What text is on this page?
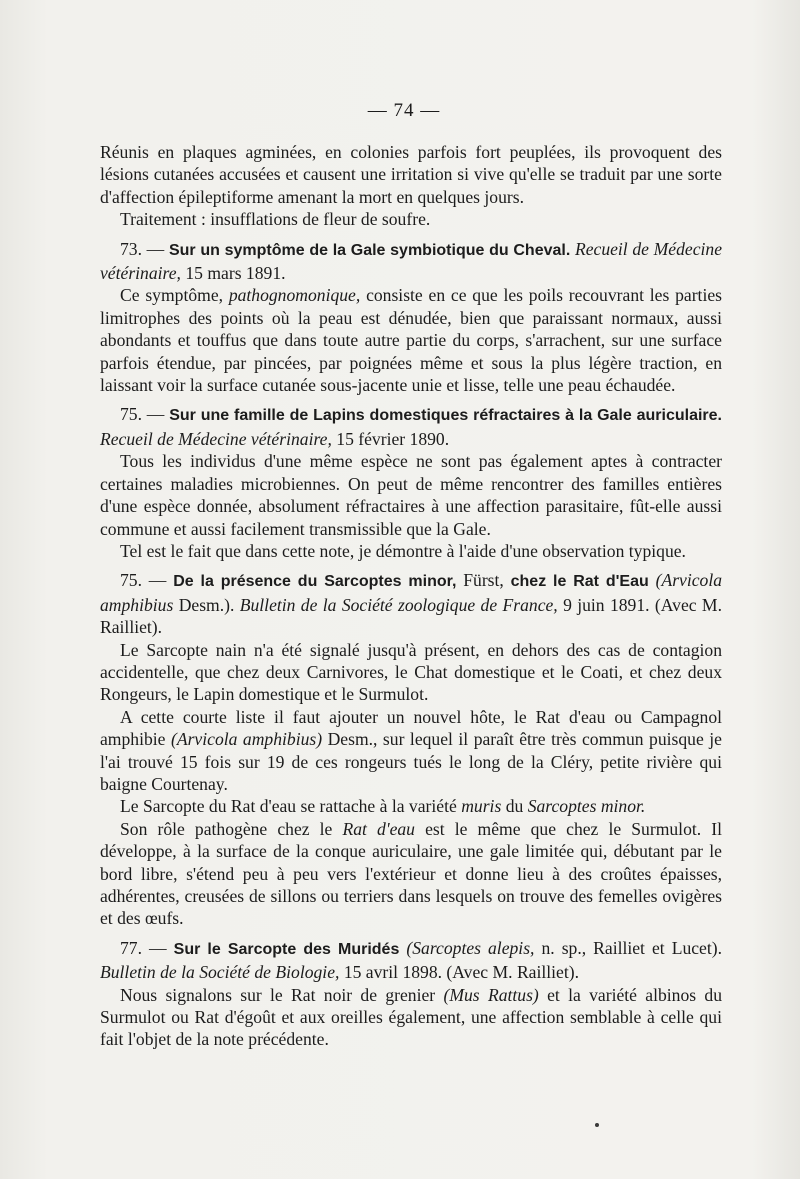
— 74 —

Réunis en plaques agminées, en colonies parfois fort peuplées, ils provoquent des lésions cutanées accusées et causent une irritation si vive qu'elle se traduit par une sorte d'affection épileptiforme amenant la mort en quelques jours.

Traitement : insufflations de fleur de soufre.

73. — Sur un symptôme de la Gale symbiotique du Cheval. Recueil de Médecine vétérinaire, 15 mars 1891.

Ce symptôme, pathognomonique, consiste en ce que les poils recouvrant les parties limitrophes des points où la peau est dénudée, bien que paraissant normaux, aussi abondants et touffus que dans toute autre partie du corps, s'arrachent, sur une surface parfois étendue, par pincées, par poignées même et sous la plus légère traction, en laissant voir la surface cutanée sous-jacente unie et lisse, telle une peau échaudée.

75. — Sur une famille de Lapins domestiques réfractaires à la Gale auriculaire. Recueil de Médecine vétérinaire, 15 février 1890.

Tous les individus d'une même espèce ne sont pas également aptes à contracter certaines maladies microbiennes. On peut de même rencontrer des familles entières d'une espèce donnée, absolument réfractaires à une affection parasitaire, fût-elle aussi commune et aussi facilement transmissible que la Gale.

Tel est le fait que dans cette note, je démontre à l'aide d'une observation typique.

75. — De la présence du Sarcoptes minor, Fürst, chez le Rat d'Eau (Arvicola amphibius Desm.). Bulletin de la Société zoologique de France, 9 juin 1891. (Avec M. Railliet).

Le Sarcopte nain n'a été signalé jusqu'à présent, en dehors des cas de contagion accidentelle, que chez deux Carnivores, le Chat domestique et le Coati, et chez deux Rongeurs, le Lapin domestique et le Surmulot.

A cette courte liste il faut ajouter un nouvel hôte, le Rat d'eau ou Campagnol amphibie (Arvicola amphibius) Desm., sur lequel il paraît être très commun puisque je l'ai trouvé 15 fois sur 19 de ces rongeurs tués le long de la Cléry, petite rivière qui baigne Courtenay.

Le Sarcopte du Rat d'eau se rattache à la variété muris du Sarcoptes minor.

Son rôle pathogène chez le Rat d'eau est le même que chez le Surmulot. Il développe, à la surface de la conque auriculaire, une gale limitée qui, débutant par le bord libre, s'étend peu à peu vers l'extérieur et donne lieu à des croûtes épaisses, adhérentes, creusées de sillons ou terriers dans lesquels on trouve des femelles ovigères et des œufs.

77. — Sur le Sarcopte des Muridés (Sarcoptes alepis, n. sp., Railliet et Lucet). Bulletin de la Société de Biologie, 15 avril 1898. (Avec M. Railliet).

Nous signalons sur le Rat noir de grenier (Mus Rattus) et la variété albinos du Surmulot ou Rat d'égoût et aux oreilles également, une affection semblable à celle qui fait l'objet de la note précédente.
